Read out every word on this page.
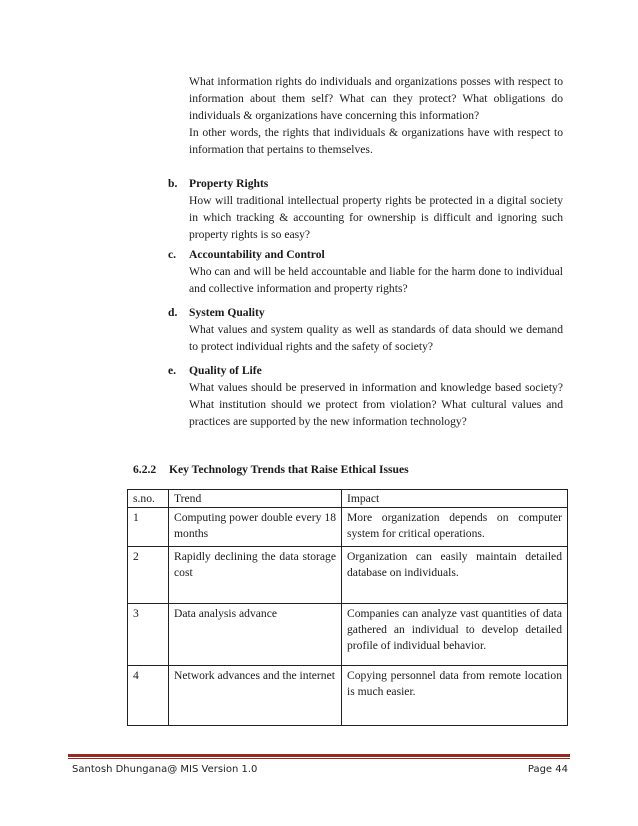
What information rights do individuals and organizations posses with respect to information about them self? What can they protect? What obligations do individuals & organizations have concerning this information?

In other words, the rights that individuals & organizations have with respect to information that pertains to themselves.

b. Property Rights
How will traditional intellectual property rights be protected in a digital society in which tracking & accounting for ownership is difficult and ignoring such property rights is so easy?
c. Accountability and Control
Who can and will be held accountable and liable for the harm done to individual and collective information and property rights?
d. System Quality
What values and system quality as well as standards of data should we demand to protect individual rights and the safety of society?
e. Quality of Life
What values should be preserved in information and knowledge based society? What institution should we protect from violation? What cultural values and practices are supported by the new information technology?
6.2.2 Key Technology Trends that Raise Ethical Issues
s.no.	Trend	Impact
1	Computing power double every 18 months	More organization depends on computer system for critical operations.
2	Rapidly declining the data storage cost	Organization can easily maintain detailed database on individuals.
3	Data analysis advance	Companies can analyze vast quantities of data gathered an individual to develop detailed profile of individual behavior.
4	Network advances and the internet	Copying personnel data from remote location is much easier.
Santosh Dhungana@ MIS Version 1.0	Page 44
